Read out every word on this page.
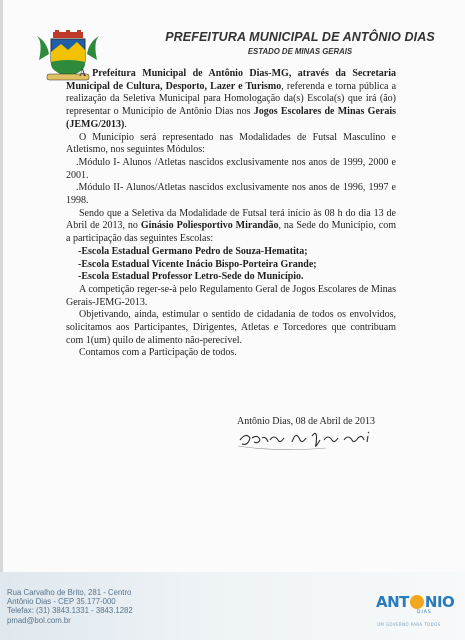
PREFEITURA MUNICIPAL DE ANTÔNIO DIAS
ESTADO DE MINAS GERAIS

A Prefeitura Municipal de Antônio Dias-MG, através da Secretaria Municipal de Cultura, Desporto, Lazer e Turismo, referenda e torna pública a realização da Seletiva Municipal para Homologação da(s) Escola(s) que irá (ão) representar o Município de Antônio Dias nos Jogos Escolares de Minas Gerais (JEMG/2013).

O Município será representado nas Modalidades de Futsal Masculino e Atletismo, nos seguintes Módulos:

.Módulo I- Alunos /Atletas nascidos exclusivamente nos anos de 1999, 2000 e 2001.

.Módulo II- Alunos/Atletas nascidos exclusivamente nos anos de 1996, 1997 e 1998.

Sendo que a Seletiva da Modalidade de Futsal terá início às 08 h do dia 13 de Abril de 2013, no Ginásio Poliesportivo Mirandão, na Sede do Município, com a participação das seguintes Escolas:

-Escola Estadual Germano Pedro de Souza-Hematita;

-Escola Estadual Vicente Inácio Bispo-Porteira Grande;

-Escola Estadual Professor Letro-Sede do Município.

A competição reger-se-à pelo Regulamento Geral de Jogos Escolares de Minas Gerais-JEMG-2013.

Objetivando, ainda, estimular o sentido de cidadania de todos os envolvidos, solicitamos aos Participantes, Dirigentes, Atletas e Torcedores que contribuam com 1(um) quilo de alimento não-perecível.

Contamos com a Participação de todos.

Antônio Dias, 08 de Abril de 2013
Rua Carvalho de Brito, 281 - Centro
Antônio Dias - CEP 35.177-000
Telefax: (31) 3843.1331 - 3843.1282
pmad@bol.com.br
ANT NIO
DIAS
UM GOVERNO PARA TODOS
